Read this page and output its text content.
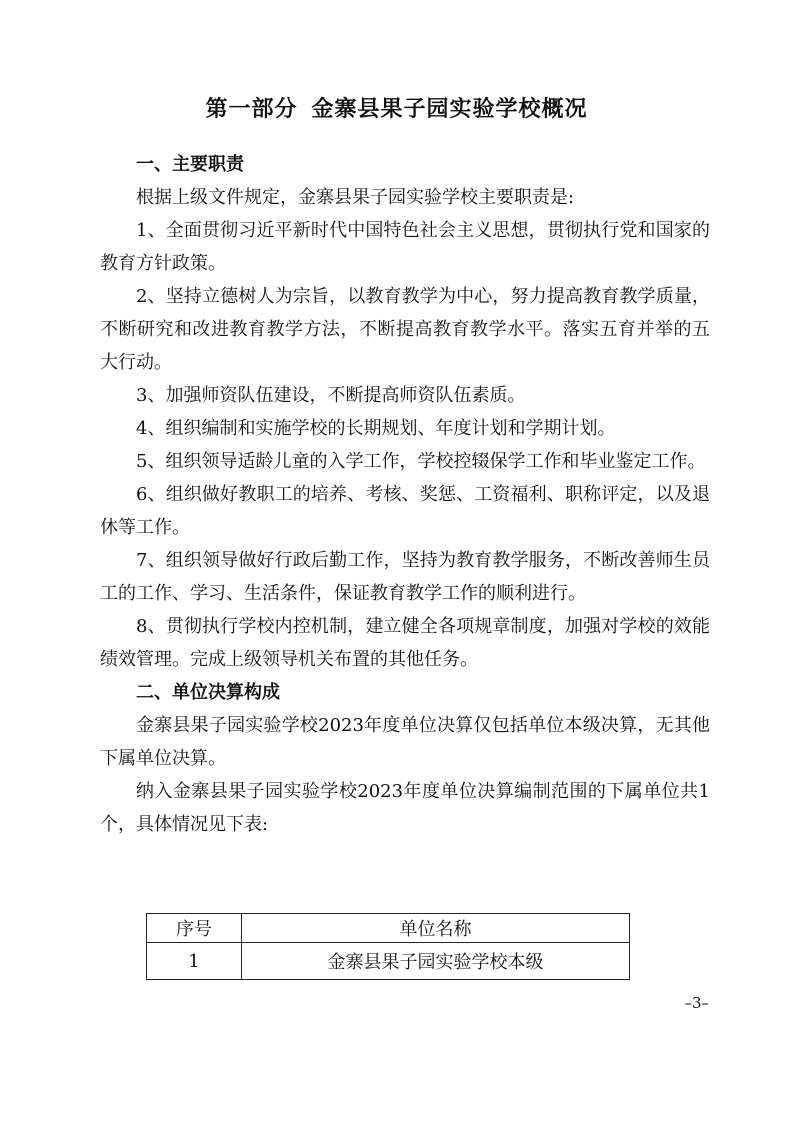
第一部分 金寨县果子园实验学校概况
一、主要职责
根据上级文件规定，金寨县果子园实验学校主要职责是:
1、全面贯彻习近平新时代中国特色社会主义思想，贯彻执行党和国家的教育方针政策。
2、坚持立德树人为宗旨，以教育教学为中心，努力提高教育教学质量，不断研究和改进教育教学方法，不断提高教育教学水平。落实五育并举的五大行动。
3、加强师资队伍建设，不断提高师资队伍素质。
4、组织编制和实施学校的长期规划、年度计划和学期计划。
5、组织领导适龄儿童的入学工作，学校控辍保学工作和毕业鉴定工作。
6、组织做好教职工的培养、考核、奖惩、工资福利、职称评定，以及退休等工作。
7、组织领导做好行政后勤工作，坚持为教育教学服务，不断改善师生员工的工作、学习、生活条件，保证教育教学工作的顺利进行。
8、贯彻执行学校内控机制，建立健全各项规章制度，加强对学校的效能绩效管理。完成上级领导机关布置的其他任务。
二、单位决算构成
金寨县果子园实验学校2023年度单位决算仅包括单位本级决算，无其他下属单位决算。
纳入金寨县果子园实验学校2023年度单位决算编制范围的下属单位共1个，具体情况见下表:
序号	单位名称
1	金寨县果子园实验学校本级
–3–
